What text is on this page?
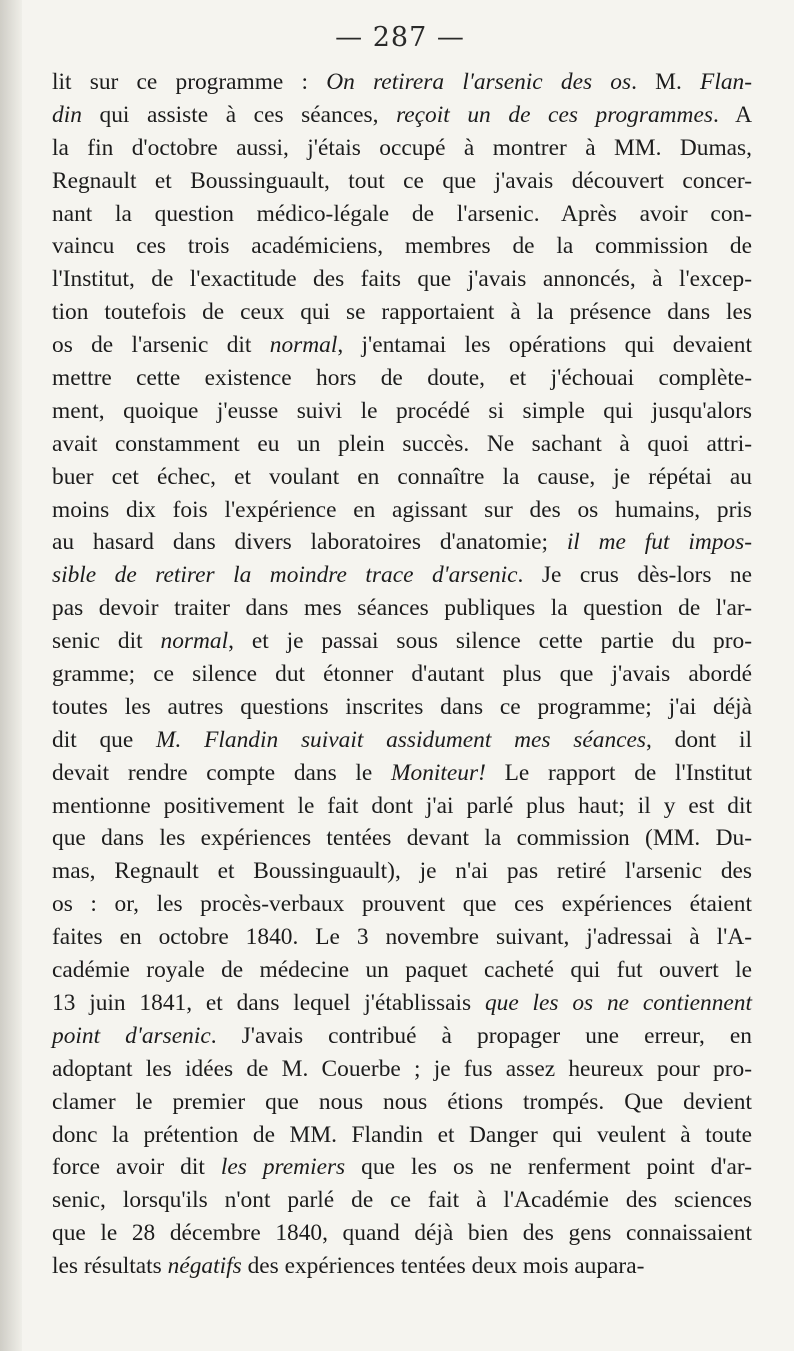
— 287 —
lit sur ce programme : On retirera l'arsenic des os. M. Flan-
din qui assiste à ces séances, reçoit un de ces programmes. A
la fin d'octobre aussi, j'étais occupé à montrer à MM. Dumas,
Regnault et Boussinguault, tout ce que j'avais découvert concer-
nant la question médico-légale de l'arsenic. Après avoir con-
vaincu ces trois académiciens, membres de la commission de
l'Institut, de l'exactitude des faits que j'avais annoncés, à l'excep-
tion toutefois de ceux qui se rapportaient à la présence dans les
os de l'arsenic dit normal, j'entamai les opérations qui devaient
mettre cette existence hors de doute, et j'échouai complète-
ment, quoique j'eusse suivi le procédé si simple qui jusqu'alors
avait constamment eu un plein succès. Ne sachant à quoi attri-
buer cet échec, et voulant en connaître la cause, je répétai au
moins dix fois l'expérience en agissant sur des os humains, pris
au hasard dans divers laboratoires d'anatomie; il me fut impos-
sible de retirer la moindre trace d'arsenic. Je crus dès-lors ne
pas devoir traiter dans mes séances publiques la question de l'ar-
senic dit normal, et je passai sous silence cette partie du pro-
gramme; ce silence dut étonner d'autant plus que j'avais abordé
toutes les autres questions inscrites dans ce programme; j'ai déjà
dit que M. Flandin suivait assidument mes séances, dont il
devait rendre compte dans le Moniteur! Le rapport de l'Institut
mentionne positivement le fait dont j'ai parlé plus haut; il y est dit
que dans les expériences tentées devant la commission (MM. Du-
mas, Regnault et Boussinguault), je n'ai pas retiré l'arsenic des
os : or, les procès-verbaux prouvent que ces expériences étaient
faites en octobre 1840. Le 3 novembre suivant, j'adressai à l'A-
cadémie royale de médecine un paquet cacheté qui fut ouvert le
13 juin 1841, et dans lequel j'établissais que les os ne contiennent
point d'arsenic. J'avais contribué à propager une erreur, en
adoptant les idées de M. Couerbe ; je fus assez heureux pour pro-
clamer le premier que nous nous étions trompés. Que devient
donc la prétention de MM. Flandin et Danger qui veulent à toute
force avoir dit les premiers que les os ne renferment point d'ar-
senic, lorsqu'ils n'ont parlé de ce fait à l'Académie des sciences
que le 28 décembre 1840, quand déjà bien des gens connaissaient
les résultats négatifs des expériences tentées deux mois aupara-
